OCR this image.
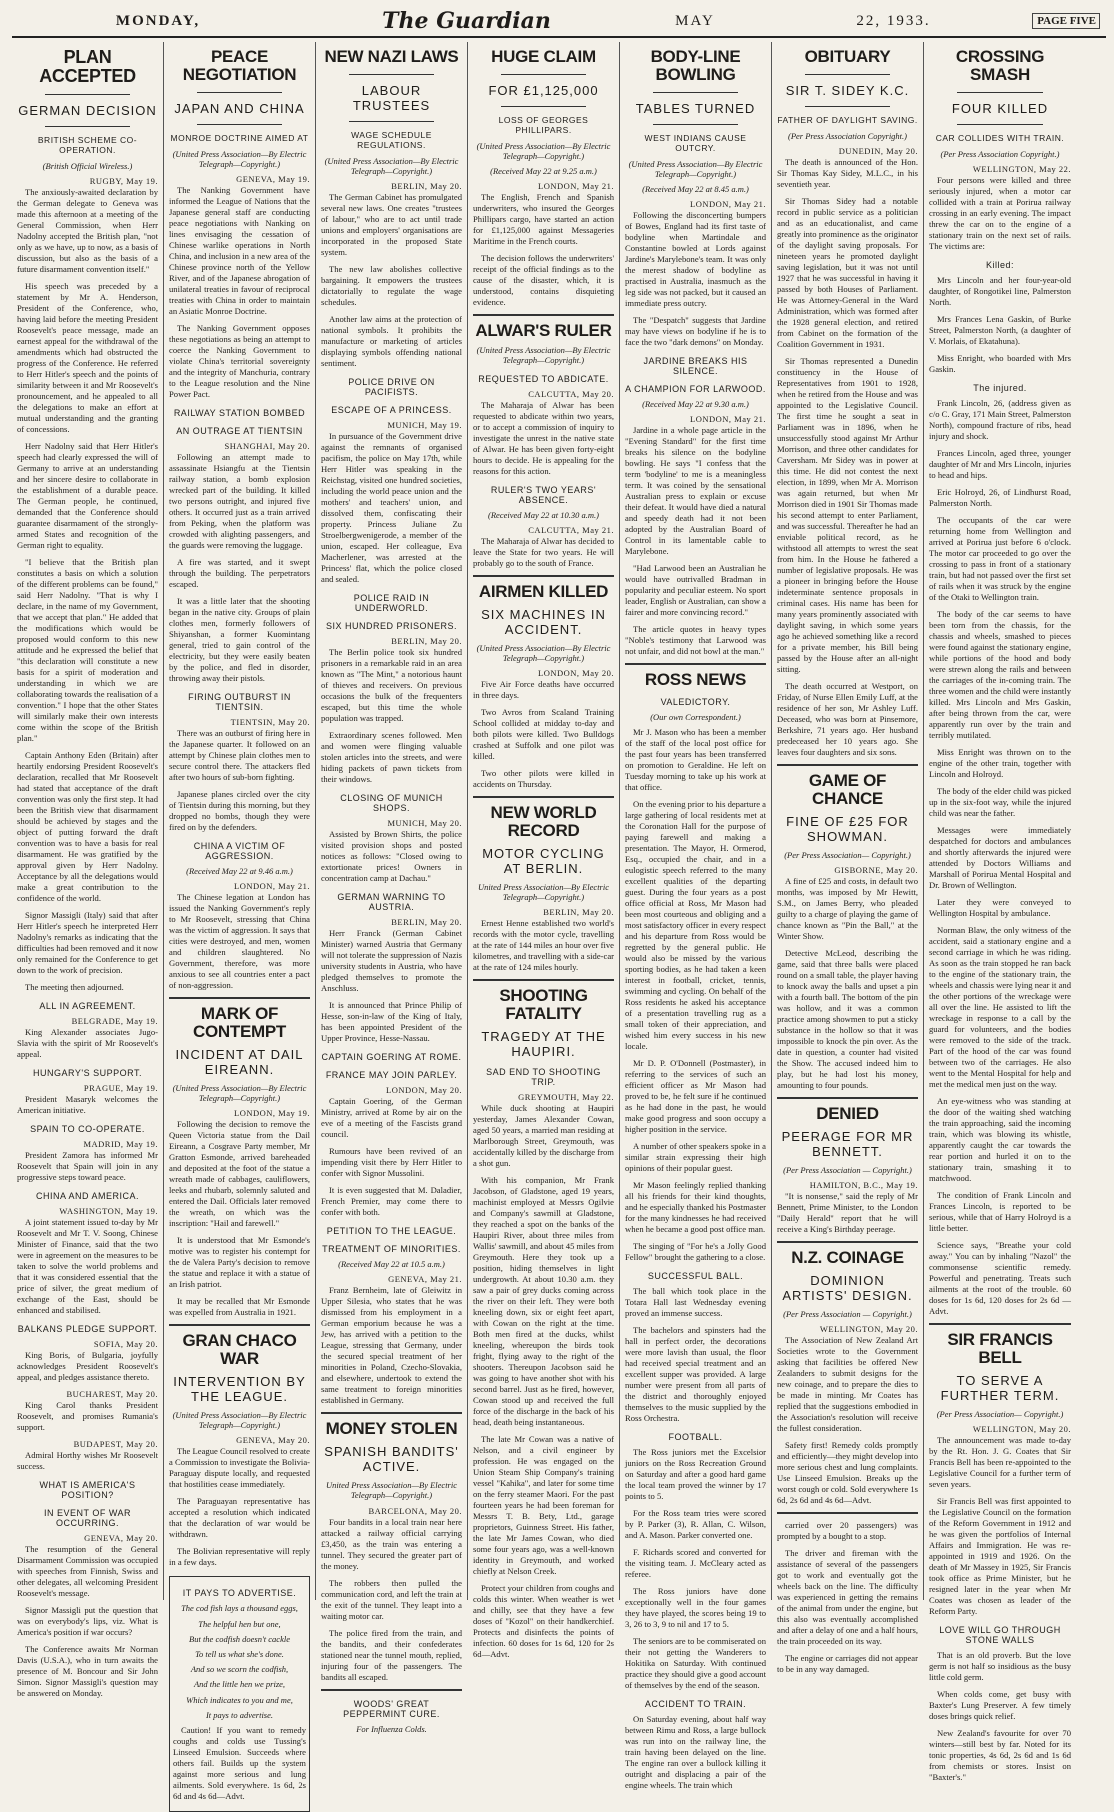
MONDAY,	The Guardian	MAY	22, 1933.	PAGE FIVE
PLAN ACCEPTED
GERMAN DECISION
BRITISH SCHEME CO-OPERATION.
(British Official Wireless.)
RUGBY, May 19.

The anxiously-awaited declaration by the German delegate to Geneva was made this afternoon at a meeting of the General Commission, when Herr Nadolny accepted the British plan, "not only as we have, up to now, as a basis of discussion, but also as the basis of a future disarmament convention itself."

His speech was preceded by a statement by Mr A. Henderson, President of the Conference, who, having laid before the meeting President Roosevelt's peace message, made an earnest appeal for the withdrawal of the amendments which had obstructed the progress of the Conference. He referred to Herr Hitler's speech and the points of similarity between it and Mr Roosevelt's pronouncement, and he appealed to all the delegations to make an effort at mutual understanding and the granting of concessions.

Herr Nadolny said that Herr Hitler's speech had clearly expressed the will of Germany to arrive at an understanding and her sincere desire to collaborate in the establishment of a durable peace. The German people, he continued, demanded that the Conference should guarantee disarmament of the strongly-armed States and recognition of the German right to equality.

"I believe that the British plan constitutes a basis on which a solution of the different problems can be found," said Herr Nadolny. "That is why I declare, in the name of my Government, that we accept that plan." He added that the modifications which would be proposed would conform to this new attitude and he expressed the belief that "this declaration will constitute a new basis for a spirit of moderation and understanding in which we are collaborating towards the realisation of a convention." I hope that the other States will similarly make their own interests come within the scope of the British plan."

Captain Anthony Eden (Britain) after heartily endorsing President Roosevelt's declaration, recalled that Mr Roosevelt had stated that acceptance of the draft convention was only the first step. It had been the British view that disarmament should be achieved by stages and the object of putting forward the draft convention was to have a basis for real disarmament. He was gratified by the approval given by Herr Nadolny. Acceptance by all the delegations would make a great contribution to the confidence of the world.

Signor Massigli (Italy) said that after Herr Hitler's speech he interpreted Herr Nadolny's remarks as indicating that the difficulties had been removed and it now only remained for the Conference to get down to the work of precision.

The meeting then adjourned.

ALL IN AGREEMENT.
BELGRADE, May 19.

King Alexander associates Jugo-Slavia with the spirit of Mr Roosevelt's appeal.

HUNGARY'S SUPPORT.
PRAGUE, May 19.

President Masaryk welcomes the American initiative.

SPAIN TO CO-OPERATE.
MADRID, May 19.

President Zamora has informed Mr Roosevelt that Spain will join in any progressive steps toward peace.

CHINA AND AMERICA.
WASHINGTON, May 19.

A joint statement issued to-day by Mr Roosevelt and Mr T. V. Soong, Chinese Minister of Finance, said that the two were in agreement on the measures to be taken to solve the world problems and that it was considered essential that the price of silver, the great medium of exchange of the East, should be enhanced and stabilised.

BALKANS PLEDGE SUPPORT.
SOFIA, May 20.

King Boris, of Bulgaria, joyfully acknowledges President Roosevelt's appeal, and pledges assistance thereto.

BUCHAREST, May 20.

King Carol thanks President Roosevelt, and promises Rumania's support.

BUDAPEST, May 20.

Admiral Horthy wishes Mr Roosevelt success.

WHAT IS AMERICA'S POSITION?
IN EVENT OF WAR OCCURRING.
GENEVA, May 20.

The resumption of the General Disarmament Commission was occupied with speeches from Finnish, Swiss and other delegates, all welcoming President Roosevelt's message.

Signor Massigli put the question that was on everybody's lips, viz. What is America's position if war occurs?

The Conference awaits Mr Norman Davis (U.S.A.), who in turn awaits the presence of M. Boncour and Sir John Simon. Signor Massigli's question may be answered on Monday.

PEACE NEGOTIATION
JAPAN AND CHINA
MONROE DOCTRINE AIMED AT
(United Press Association—By Electric Telegraph—Copyright.)
GENEVA, May 19.

The Nanking Government have informed the League of Nations that the Japanese general staff are conducting peace negotiations with Nanking on lines envisaging the cessation of Chinese warlike operations in North China, and inclusion in a new area of the Chinese province north of the Yellow River, and of the Japanese abrogation of unilateral treaties in favour of reciprocal treaties with China in order to maintain an Asiatic Monroe Doctrine.

The Nanking Government opposes these negotiations as being an attempt to coerce the Nanking Government to violate China's territorial sovereignty and the integrity of Manchuria, contrary to the League resolution and the Nine Power Pact.

RAILWAY STATION BOMBED
AN OUTRAGE AT TIENTSIN
SHANGHAI, May 20.

Following an attempt made to assassinate Hsiangfu at the Tientsin railway station, a bomb explosion wrecked part of the building. It killed two persons outright, and injured five others. It occurred just as a train arrived from Peking, when the platform was crowded with alighting passengers, and the guards were removing the luggage.

A fire was started, and it swept through the building. The perpetrators escaped.

It was a little later that the shooting began in the native city. Groups of plain clothes men, formerly followers of Shiyanshan, a former Kuomintang general, tried to gain control of the electricity, but they were easily beaten by the police, and fled in disorder, throwing away their pistols.

FIRING OUTBURST IN TIENTSIN.
TIENTSIN, May 20.

There was an outburst of firing here in the Japanese quarter. It followed on an attempt by Chinese plain clothes men to secure control there. The attackers fled after two hours of sub-born fighting.

Japanese planes circled over the city of Tientsin during this morning, but they dropped no bombs, though they were fired on by the defenders.

CHINA A VICTIM OF AGGRESSION.
(Received May 22 at 9.46 a.m.)
LONDON, May 21.

The Chinese legation at London has issued the Nanking Government's reply to Mr Roosevelt, stressing that China was the victim of aggression. It says that cities were destroyed, and men, women and children slaughtered. No Government, therefore, was more anxious to see all countries enter a pact of non-aggression.

MARK OF CONTEMPT
INCIDENT AT DAIL EIREANN.
(United Press Association—By Electric Telegraph—Copyright.)
LONDON, May 19.

Following the decision to remove the Queen Victoria statue from the Dail Eireann, a Cosgrave Party member, Mr Gratton Esmonde, arrived bareheaded and deposited at the foot of the statue a wreath made of cabbages, cauliflowers, leeks and rhubarb, solemnly saluted and entered the Dail. Officials later removed the wreath, on which was the inscription: "Hail and farewell."

It is understood that Mr Esmonde's motive was to register his contempt for the de Valera Party's decision to remove the statue and replace it with a statue of an Irish patriot.

It may be recalled that Mr Esmonde was expelled from Australia in 1921.

GRAN CHACO WAR
INTERVENTION BY THE LEAGUE.
(United Press Association—By Electric Telegraph—Copyright.)
GENEVA, May 20.

The League Council resolved to create a Commission to investigate the Bolivia-Paraguay dispute locally, and requested that hostilities cease immediately.

The Paraguayan representative has accepted a resolution which indicated that the declaration of war would be withdrawn.

The Bolivian representative will reply in a few days.

IT PAYS TO ADVERTISE.
The cod fish lays a thousand eggs,
The helpful hen but one,
But the codfish doesn't cackle
To tell us what she's done.
And so we scorn the codfish,
And the little hen we prize,
Which indicates to you and me,
It pays to advertise.

Caution! If you want to remedy coughs and colds use Tussing's Linseed Emulsion. Succeeds where others fail. Builds up the system against more serious and lung ailments. Sold everywhere. 1s 6d, 2s 6d and 4s 6d—Advt.

NEW NAZI LAWS
LABOUR TRUSTEES
WAGE SCHEDULE REGULATIONS.
(United Press Association—By Electric Telegraph—Copyright.)
BERLIN, May 20.

The German Cabinet has promulgated several new laws. One creates "trustees of labour," who are to act until trade unions and employers' organisations are incorporated in the proposed State system.

The new law abolishes collective bargaining. It empowers the trustees dictatorially to regulate the wage schedules.

Another law aims at the protection of national symbols. It prohibits the manufacture or marketing of articles displaying symbols offending national sentiment.

POLICE DRIVE ON PACIFISTS.
ESCAPE OF A PRINCESS.
MUNICH, May 19.

In pursuance of the Government drive against the remnants of organised pacifism, the police on May 17th, while Herr Hitler was speaking in the Reichstag, visited one hundred societies, including the world peace union and the mothers' and teachers' union, and dissolved them, confiscating their property. Princess Juliane Zu Stroelbergwenigerode, a member of the union, escaped. Her colleague, Eva Macherlener, was arrested at the Princess' flat, which the police closed and sealed.

POLICE RAID IN UNDERWORLD.
SIX HUNDRED PRISONERS.
BERLIN, May 20.

The Berlin police took six hundred prisoners in a remarkable raid in an area known as "The Mint," a notorious haunt of thieves and receivers. On previous occasions the bulk of the frequenters escaped, but this time the whole population was trapped.

Extraordinary scenes followed. Men and women were flinging valuable stolen articles into the streets, and were hiding packets of pawn tickets from their windows.

CLOSING OF MUNICH SHOPS.
MUNICH, May 20.

Assisted by Brown Shirts, the police visited provision shops and posted notices as follows: "Closed owing to extortionate prices! Owners in concentration camp at Dachau."

GERMAN WARNING TO AUSTRIA.
BERLIN, May 20.

Herr Franck (German Cabinet Minister) warned Austria that Germany will not tolerate the suppression of Nazis university students in Austria, who have pledged themselves to promote the Anschluss.

It is announced that Prince Philip of Hesse, son-in-law of the King of Italy, has been appointed President of the Upper Province, Hesse-Nassau.

CAPTAIN GOERING AT ROME.
FRANCE MAY JOIN PARLEY.
LONDON, May 20.

Captain Goering, of the German Ministry, arrived at Rome by air on the eve of a meeting of the Fascists grand council.

Rumours have been revived of an impending visit there by Herr Hitler to confer with Signor Mussolini.

It is even suggested that M. Daladier, French Premier, may come there to confer with both.

PETITION TO THE LEAGUE.
TREATMENT OF MINORITIES.
(Received May 22 at 10.5 a.m.)
GENEVA, May 21.

Franz Bernheim, late of Gleiwitz in Upper Silesia, who states that he was dismissed from his employment in a German emporium because he was a Jew, has arrived with a petition to the League, stressing that Germany, under the secured special treatment of her minorities in Poland, Czecho-Slovakia, and elsewhere, undertook to extend the same treatment to foreign minorities established in Germany.

MONEY STOLEN
SPANISH BANDITS' ACTIVE.
United Press Association—By Electric Telegraph—Copyright.)
BARCELONA, May 20.

Four bandits in a local train near here attacked a railway official carrying £3,450, as the train was entering a tunnel. They secured the greater part of the money.

The robbers then pulled the communication cord, and left the train at the exit of the tunnel. They leapt into a waiting motor car.

The police fired from the train, and the bandits, and their confederates stationed near the tunnel mouth, replied, injuring four of the passengers. The bandits all escaped.

WOODS' GREAT PEPPERMINT CURE.
For Influenza Colds.
HUGE CLAIM
FOR £1,125,000
LOSS OF GEORGES PHILLIPARS.
(United Press Association—By Electric Telegraph—Copyright.)
(Received May 22 at 9.25 a.m.)
LONDON, May 21.

The English, French and Spanish underwriters, who insured the Georges Phillipars cargo, have started an action for £1,125,000 against Messageries Maritime in the French courts.

The decision follows the underwriters' receipt of the official findings as to the cause of the disaster, which, it is understood, contains disquieting evidence.

ALWAR'S RULER
(United Press Association—By Electric Telegraph—Copyright.)
REQUESTED TO ABDICATE.
CALCUTTA, May 20.

The Maharaja of Alwar has been requested to abdicate within two years, or to accept a commission of inquiry to investigate the unrest in the native state of Alwar. He has been given forty-eight hours to decide. He is appealing for the reasons for this action.

RULER'S TWO YEARS' ABSENCE.
(Received May 22 at 10.30 a.m.)
CALCUTTA, May 21.

The Maharaja of Alwar has decided to leave the State for two years. He will probably go to the south of France.

AIRMEN KILLED
SIX MACHINES IN ACCIDENT.
(United Press Association—By Electric Telegraph—Copyright.)
LONDON, May 20.

Five Air Force deaths have occurred in three days.

Two Avros from Scaland Training School collided at midday to-day and both pilots were killed. Two Bulldogs crashed at Suffolk and one pilot was killed.

Two other pilots were killed in accidents on Thursday.

NEW WORLD RECORD
MOTOR CYCLING AT BERLIN.
United Press Association—By Electric Telegraph—Copyright.)
BERLIN, May 20.

Ernest Henne established two world's records with the motor cycle, travelling at the rate of 144 miles an hour over five kilometres, and travelling with a side-car at the rate of 124 miles hourly.

SHOOTING FATALITY
TRAGEDY AT THE HAUPIRI.
SAD END TO SHOOTING TRIP.
GREYMOUTH, May 22.

While duck shooting at Haupiri yesterday, James Alexander Cowan, aged 50 years, a married man residing at Marlborough Street, Greymouth, was accidentally killed by the discharge from a shot gun.

With his companion, Mr Frank Jacobson, of Gladstone, aged 19 years, machinist employed at Messrs Ogilvie and Company's sawmill at Gladstone, they reached a spot on the banks of the Haupiri River, about three miles from Wallis' sawmill, and about 45 miles from Greymouth. Here they took up a position, hiding themselves in light undergrowth. At about 10.30 a.m. they saw a pair of grey ducks coming across the river on their left. They were both kneeling down, six or eight feet apart, with Cowan on the right at the time. Both men fired at the ducks, whilst kneeling, whereupon the birds took fright, flying away to the right of the shooters. Thereupon Jacobson said he was going to have another shot with his second barrel. Just as he fired, however, Cowan stood up and received the full force of the discharge in the back of his head, death being instantaneous.

The late Mr Cowan was a native of Nelson, and a civil engineer by profession. He was engaged on the Union Steam Ship Company's training vessel "Kahika", and later for some time on the ferry steamer Maori. For the past fourteen years he had been foreman for Messrs T. B. Bety, Ltd., garage proprietors, Guinness Street. His father, the late Mr James Cowan, who died some four years ago, was a well-known identity in Greymouth, and worked chiefly at Nelson Creek.

Protect your children from coughs and colds this winter. When weather is wet and chilly, see that they have a few doses of "Kozol" on their handkerchief. Protects and disinfects the points of infection. 60 doses for 1s 6d, 120 for 2s 6d—Advt.

BODY-LINE BOWLING
TABLES TURNED
WEST INDIANS CAUSE OUTCRY.
(United Press Association—By Electric Telegraph—Copyright.)
(Received May 22 at 8.45 a.m.)
LONDON, May 21.

Following the disconcerting bumpers of Bowes, England had its first taste of bodyline when Martindale and Constantine bowled at Lords against Jardine's Marylebone's team. It was only the merest shadow of bodyline as practised in Australia, inasmuch as the leg side was not packed, but it caused an immediate press outcry.

The "Despatch" suggests that Jardine may have views on bodyline if he is to face the two "dark demons" on Monday.

JARDINE BREAKS HIS SILENCE.
A CHAMPION FOR LARWOOD.
(Received May 22 at 9.30 a.m.)
LONDON, May 21.

Jardine in a whole page article in the "Evening Standard" for the first time breaks his silence on the bodyline bowling. He says "I confess that the term 'bodyline' to me is a meaningless term. It was coined by the sensational Australian press to explain or excuse their defeat. It would have died a natural and speedy death had it not been adopted by the Australian Board of Control in its lamentable cable to Marylebone.

"Had Larwood been an Australian he would have outrivalled Bradman in popularity and peculiar esteem. No sport leader, English or Australian, can show a fairer and more convincing record."

The article quotes in heavy types "Noble's testimony that Larwood was not unfair, and did not bowl at the man."

ROSS NEWS
VALEDICTORY.
(Our own Correspondent.)

Mr J. Mason who has been a member of the staff of the local post office for the past four years has been transferred on promotion to Geraldine. He left on Tuesday morning to take up his work at that office.

On the evening prior to his departure a large gathering of local residents met at the Coronation Hall for the purpose of paying farewell and making a presentation. The Mayor, H. Ormerod, Esq., occupied the chair, and in a eulogistic speech referred to the many excellent qualities of the departing guest. During the four years as a post office official at Ross, Mr Mason had been most courteous and obliging and a most satisfactory officer in every respect and his departure from Ross would be regretted by the general public. He would also be missed by the various sporting bodies, as he had taken a keen interest in football, cricket, tennis, swimming and cycling. On behalf of the Ross residents he asked his acceptance of a presentation travelling rug as a small token of their appreciation, and wished him every success in his new locale.

Mr D. P. O'Donnell (Postmaster), in referring to the services of such an efficient officer as Mr Mason had proved to be, he felt sure if he continued as he had done in the past, he would make good progress and soon occupy a higher position in the service.

A number of other speakers spoke in a similar strain expressing their high opinions of their popular guest.

Mr Mason feelingly replied thanking all his friends for their kind thoughts, and he especially thanked his Postmaster for the many kindnesses he had received when he became a good post office man.

The singing of "For he's a Jolly Good Fellow" brought the gathering to a close.

SUCCESSFUL BALL.

The ball which took place in the Totara Hall last Wednesday evening proved an immense success.

The bachelors and spinsters had the hall in perfect order, the decorations were more lavish than usual, the floor had received special treatment and an excellent supper was provided. A large number were present from all parts of the district and thoroughly enjoyed themselves to the music supplied by the Ross Orchestra.

FOOTBALL.

The Ross juniors met the Excelsior juniors on the Ross Recreation Ground on Saturday and after a good hard game the local team proved the winner by 17 points to 5.

For the Ross team tries were scored by P. Parker (3), R. Allan, C. Wilson, and A. Mason. Parker converted one.

F. Richards scored and converted for the visiting team. J. McCleary acted as referee.

The Ross juniors have done exceptionally well in the four games they have played, the scores being 19 to 3, 26 to 3, 9 to nil and 17 to 5.

The seniors are to be commiserated on their not getting the Wanderers to Hokitika on Saturday. With continued practice they should give a good account of themselves by the end of the season.

ACCIDENT TO TRAIN.

On Saturday evening, about half way between Rimu and Ross, a large bullock was run into on the railway line, the train having been delayed on the line. The engine ran over a bullock killing it outright and displacing a pair of the engine wheels. The train which

OBITUARY
SIR T. SIDEY K.C.
FATHER OF DAYLIGHT SAVING.
(Per Press Association Copyright.)
DUNEDIN, May 20.

The death is announced of the Hon. Sir Thomas Kay Sidey, M.L.C., in his seventieth year.

Sir Thomas Sidey had a notable record in public service as a politician and as an educationalist, and came greatly into prominence as the originator of the daylight saving proposals. For nineteen years he promoted daylight saving legislation, but it was not until 1927 that he was successful in having it passed by both Houses of Parliament. He was Attorney-General in the Ward Administration, which was formed after the 1928 general election, and retired from Cabinet on the formation of the Coalition Government in 1931.

Sir Thomas represented a Dunedin constituency in the House of Representatives from 1901 to 1928, when he retired from the House and was appointed to the Legislative Council. The first time he sought a seat in Parliament was in 1896, when he unsuccessfully stood against Mr Arthur Morrison, and three other candidates for Caversham. Mr Sidey was in power at this time. He did not contest the next election, in 1899, when Mr A. Morrison was again returned, but when Mr Morrison died in 1901 Sir Thomas made his second attempt to enter Parliament, and was successful. Thereafter he had an enviable political record, as he withstood all attempts to wrest the seat from him. In the House he fathered a number of legislative proposals. He was a pioneer in bringing before the House indeterminate sentence proposals in criminal cases. His name has been for many years prominently associated with daylight saving, in which some years ago he achieved something like a record for a private member, his Bill being passed by the House after an all-night sitting.

The death occurred at Westport, on Friday, of Nurse Ellen Emily Luff, at the residence of her son, Mr Ashley Luff. Deceased, who was born at Pinsemore, Berkshire, 71 years ago. Her husband predeceased her 10 years ago. She leaves four daughters and six sons.

GAME OF CHANCE
FINE OF £25 FOR SHOWMAN.
(Per Press Association— Copyright.)
GISBORNE, May 20.

A fine of £25 and costs, in default two months, was imposed by Mr Hewitt, S.M., on James Berry, who pleaded guilty to a charge of playing the game of chance known as "Pin the Ball," at the Winter Show.

Detective McLeod, describing the game, said that three balls were placed round on a small table, the player having to knock away the balls and upset a pin with a fourth ball. The bottom of the pin was hollow, and it was a common practice among showmen to put a sticky substance in the hollow so that it was impossible to knock the pin over. As the date in question, a counter had visited the Show. The accused indeed him to play, but he had lost his money, amounting to four pounds.

DENIED
PEERAGE FOR MR BENNETT.
(Per Press Association — Copyright.)
HAMILTON, B.C., May 19.

"It is nonsense," said the reply of Mr Bennett, Prime Minister, to the London "Daily Herald" report that he will receive a King's Birthday peerage.

N.Z. COINAGE
DOMINION ARTISTS' DESIGN.
(Per Press Association — Copyright.)
WELLINGTON, May 20.

The Association of New Zealand Art Societies wrote to the Government asking that facilities be offered New Zealanders to submit designs for the new coinage, and to prepare the dies to be made in minting. Mr Coates has replied that the suggestions embodied in the Association's resolution will receive the fullest consideration.

Safety first! Remedy colds promptly and efficiently—they might develop into more serious chest and lung complaints. Use Linseed Emulsion. Breaks up the worst cough or cold. Sold everywhere 1s 6d, 2s 6d and 4s 6d—Advt.

carried over 20 passengers) was prompted by a bought to a stop.

The driver and fireman with the assistance of several of the passengers got to work and eventually got the wheels back on the line. The difficulty was experienced in getting the remains of the animal from under the engine, but this also was eventually accomplished and after a delay of one and a half hours, the train proceeded on its way.

The engine or carriages did not appear to be in any way damaged.

CROSSING SMASH
FOUR KILLED
CAR COLLIDES WITH TRAIN.
(Per Press Association Copyright.)
WELLINGTON, May 22.

Four persons were killed and three seriously injured, when a motor car collided with a train at Porirua railway crossing in an early evening. The impact threw the car on to the engine of a stationary train on the next set of rails. The victims are:

Killed:

Mrs Lincoln and her four-year-old daughter, of Rongotikei line, Palmerston North.

Mrs Frances Lena Gaskin, of Burke Street, Palmerston North, (a daughter of V. Morlais, of Ekatahuna).

Miss Enright, who boarded with Mrs Gaskin.

The injured.

Frank Lincoln, 26, (address given as c/o C. Gray, 171 Main Street, Palmerston North), compound fracture of ribs, head injury and shock.

Frances Lincoln, aged three, younger daughter of Mr and Mrs Lincoln, injuries to head and hips.

Eric Holroyd, 26, of Lindhurst Road, Palmerston North.

The occupants of the car were returning home from Wellington and arrived at Porirua just before 6 o'clock. The motor car proceeded to go over the crossing to pass in front of a stationary train, but had not passed over the first set of rails when it was struck by the engine of the Otaki to Wellington train.

The body of the car seems to have been torn from the chassis, for the chassis and wheels, smashed to pieces were found against the stationary engine, while portions of the hood and body were strewn along the rails and between the carriages of the in-coming train. The three women and the child were instantly killed. Mrs Lincoln and Mrs Gaskin, after being thrown from the car, were apparently run over by the train and terribly mutilated.

Miss Enright was thrown on to the engine of the other train, together with Lincoln and Holroyd.

The body of the elder child was picked up in the six-foot way, while the injured child was near the father.

Messages were immediately despatched for doctors and ambulances and shortly afterwards the injured were attended by Doctors Williams and Marshall of Porirua Mental Hospital and Dr. Brown of Wellington.

Later they were conveyed to Wellington Hospital by ambulance.

Norman Blaw, the only witness of the accident, said a stationary engine and a second carriage in which he was riding. As soon as the train stopped he ran back to the engine of the stationary train, the wheels and chassis were lying near it and the other portions of the wreckage were all over the line. He assisted to lift the wreckage in response to a call by the guard for volunteers, and the bodies were removed to the side of the track. Part of the hood of the car was found between two of the carriages. He also went to the Mental Hospital for help and met the medical men just on the way.

An eye-witness who was standing at the door of the waiting shed watching the train approaching, said the incoming train, which was blowing its whistle, apparently caught the car towards the rear portion and hurled it on to the stationary train, smashing it to matchwood.

The condition of Frank Lincoln and Frances Lincoln, is reported to be serious, while that of Harry Holroyd is a little better.

Science says, "Breathe your cold away." You can by inhaling "Nazol" the commonsense scientific remedy. Powerful and penetrating. Treats such ailments at the root of the trouble. 60 doses for 1s 6d, 120 doses for 2s 6d —Advt.

SIR FRANCIS BELL
TO SERVE A FURTHER TERM.
(Per Press Association— Copyright.)
WELLINGTON, May 20.

The announcement was made to-day by the Rt. Hon. J. G. Coates that Sir Francis Bell has been re-appointed to the Legislative Council for a further term of seven years.

Sir Francis Bell was first appointed to the Legislative Council on the formation of the Reform Government in 1912 and he was given the portfolios of Internal Affairs and Immigration. He was re-appointed in 1919 and 1926. On the death of Mr Massey in 1925, Sir Francis took office as Prime Minister, but he resigned later in the year when Mr Coates was chosen as leader of the Reform Party.

LOVE WILL GO THROUGH STONE WALLS

That is an old proverb. But the love germ is not half so insidious as the busy little cold germ.

When colds come, get busy with Baxter's Lung Preserver. A few timely doses brings quick relief.

New Zealand's favourite for over 70 winters—still best by far. Noted for its tonic properties, 4s 6d, 2s 6d and 1s 6d from chemists or stores. Insist on "Baxter's."
